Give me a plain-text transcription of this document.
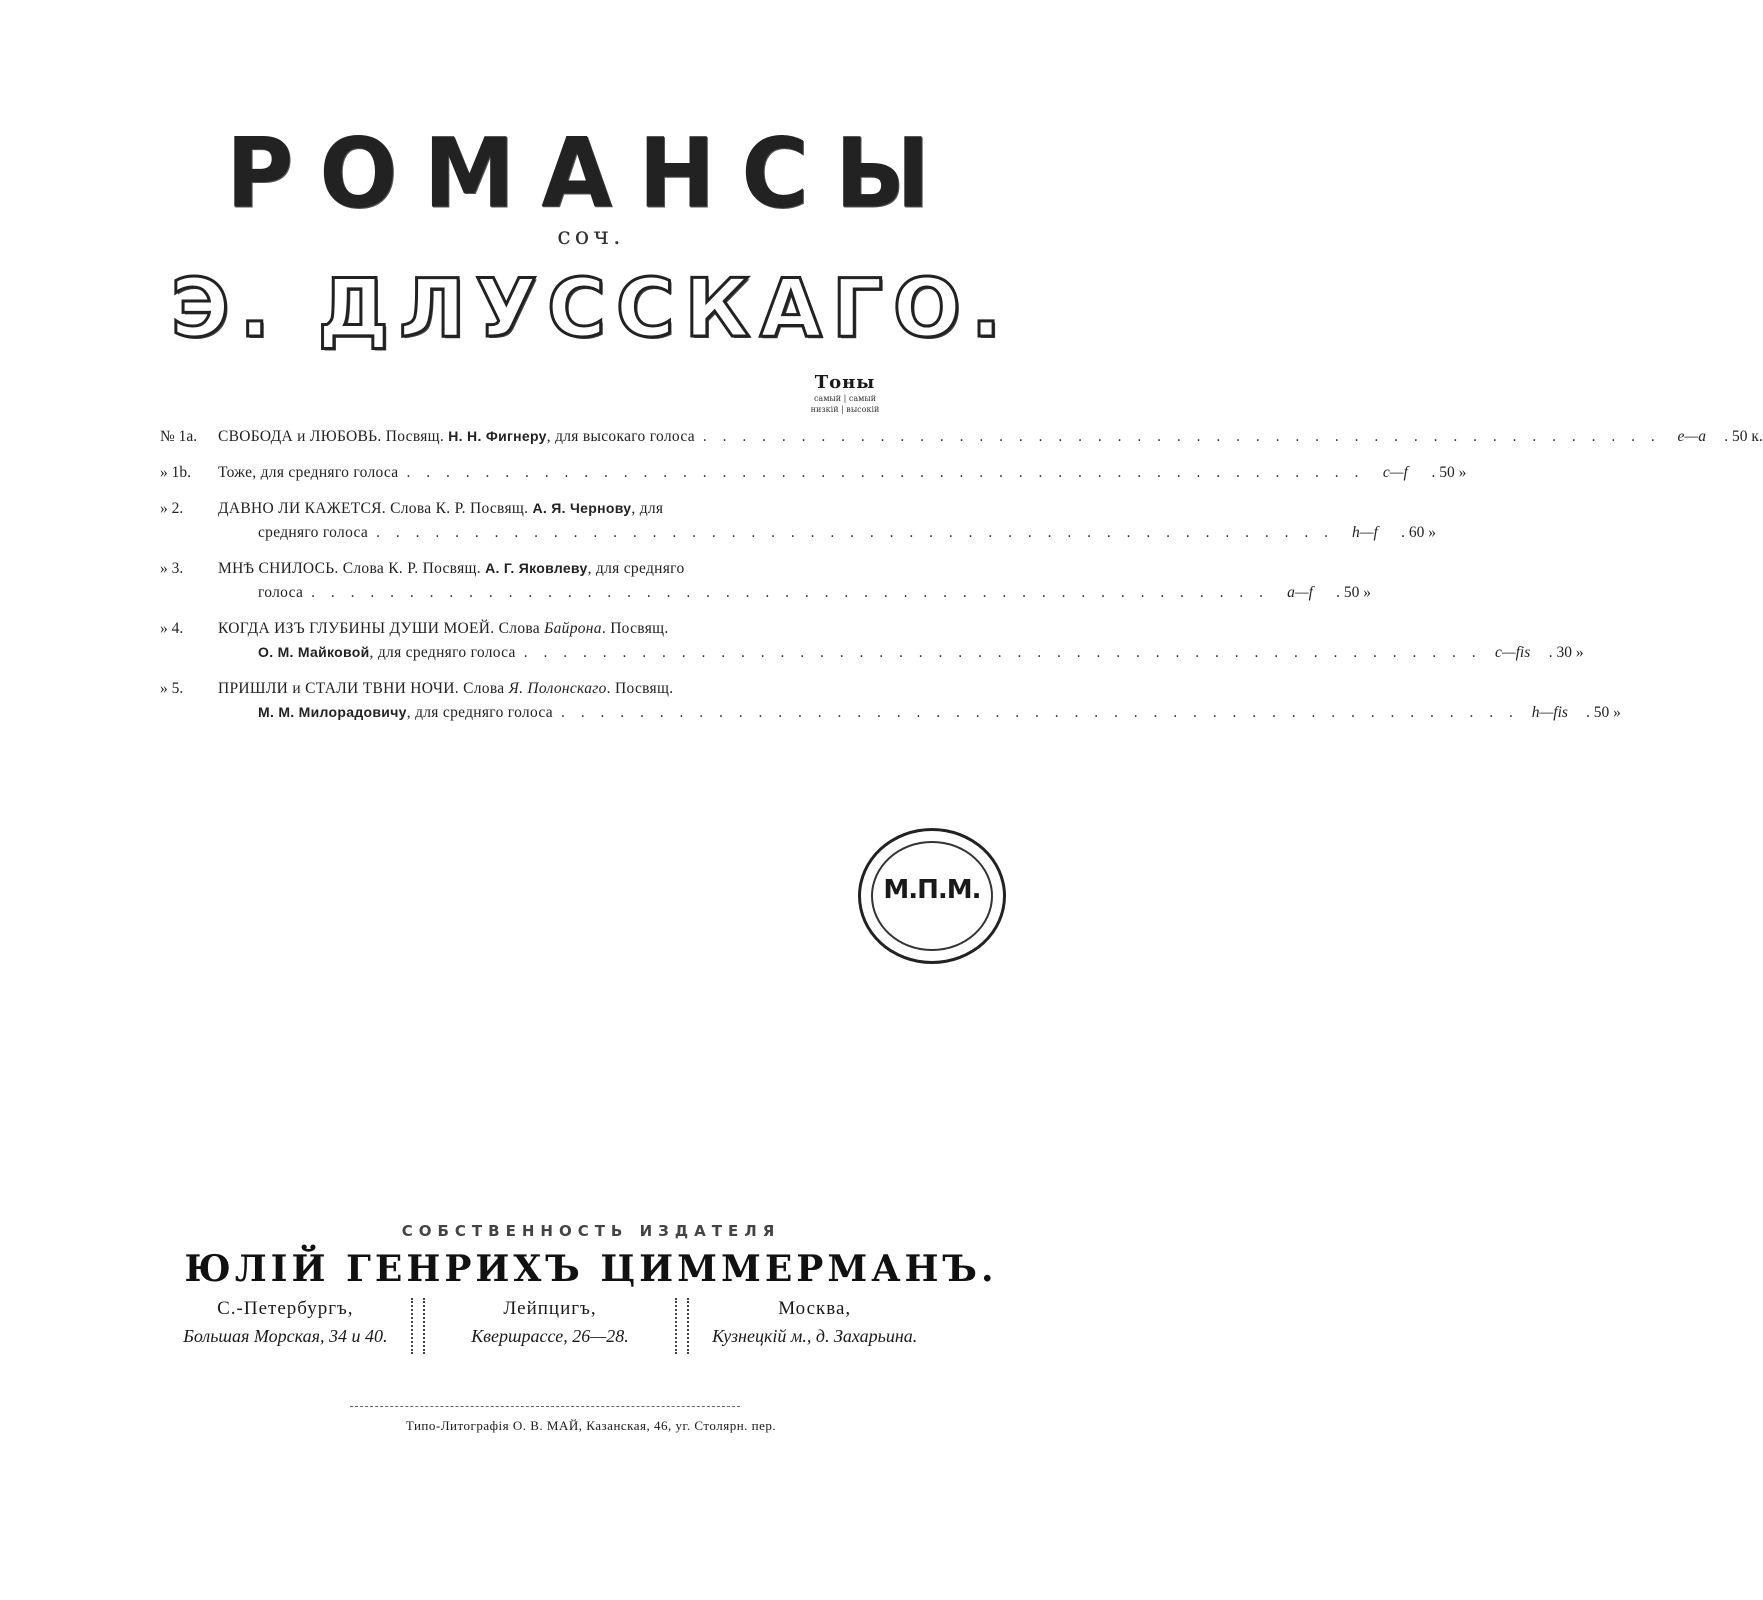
РОМАНСЫ
соч.
Э. ДЛУССКАГО.
Тоны
самый | самый
низкій | высокій
№ 1а.	СВОБОДА и ЛЮБОВЬ. Посвящ. Н. Н. Фигнеру, для высокаго голоса . . . . . . . . . . . . . . . . . . . . . . . . . . . . . . . . . . . . . . . . . . . . . . . . .	e—a	. 50 к.
» 1b.	Тоже, для средняго голоса . . . . . . . . . . . . . . . . . . . . . . . . . . . . . . . . . . . . . . . . . . . . . . . . .	c—f	. 50 »
» 2.	ДАВНО ЛИ КАЖЕТСЯ. Слова К. Р. Посвящ. А. Я. Чернову, для
средняго голоса . . . . . . . . . . . . . . . . . . . . . . . . . . . . . . . . . . . . . . . . . . . . . . . . .	h—f	. 60 »
» 3.	МНѢ СНИЛОСЬ. Слова К. Р. Посвящ. А. Г. Яковлеву, для средняго
голоса . . . . . . . . . . . . . . . . . . . . . . . . . . . . . . . . . . . . . . . . . . . . . . . . .	a—f	. 50 »
» 4.	КОГДА ИЗЪ ГЛУБИНЫ ДУШИ МОЕЙ. Слова Байрона. Посвящ.
О. М. Майковой, для средняго голоса . . . . . . . . . . . . . . . . . . . . . . . . . . . . . . . . . . . . . . . . . . . . . . . . . c—fis	. 30 »
» 5.	ПРИШЛИ и СТАЛИ ТВНИ НОЧИ. Слова Я. Полонскаго. Посвящ.
М. М. Милорадовичу, для средняго голоса . . . . . . . . . . . . . . . . . . . . . . . . . . . . . . . . . . . . . . . . . . . . . . . . . h—fis	. 50 »
М.П.М.
СОБСТВЕННОСТЬ ИЗДАТЕЛЯ
ЮЛІЙ ГЕНРИХЪ ЦИММЕРМАНЪ.
С.-Петербургъ,
Большая Морская, 34 и 40.
Лейпцигъ,
Квершрассе, 26—28.
Москва,
Кузнецкій м., д. Захарьина.
Типо-Литографія О. В. МАЙ, Казанская, 46, уг. Столярн. пер.
